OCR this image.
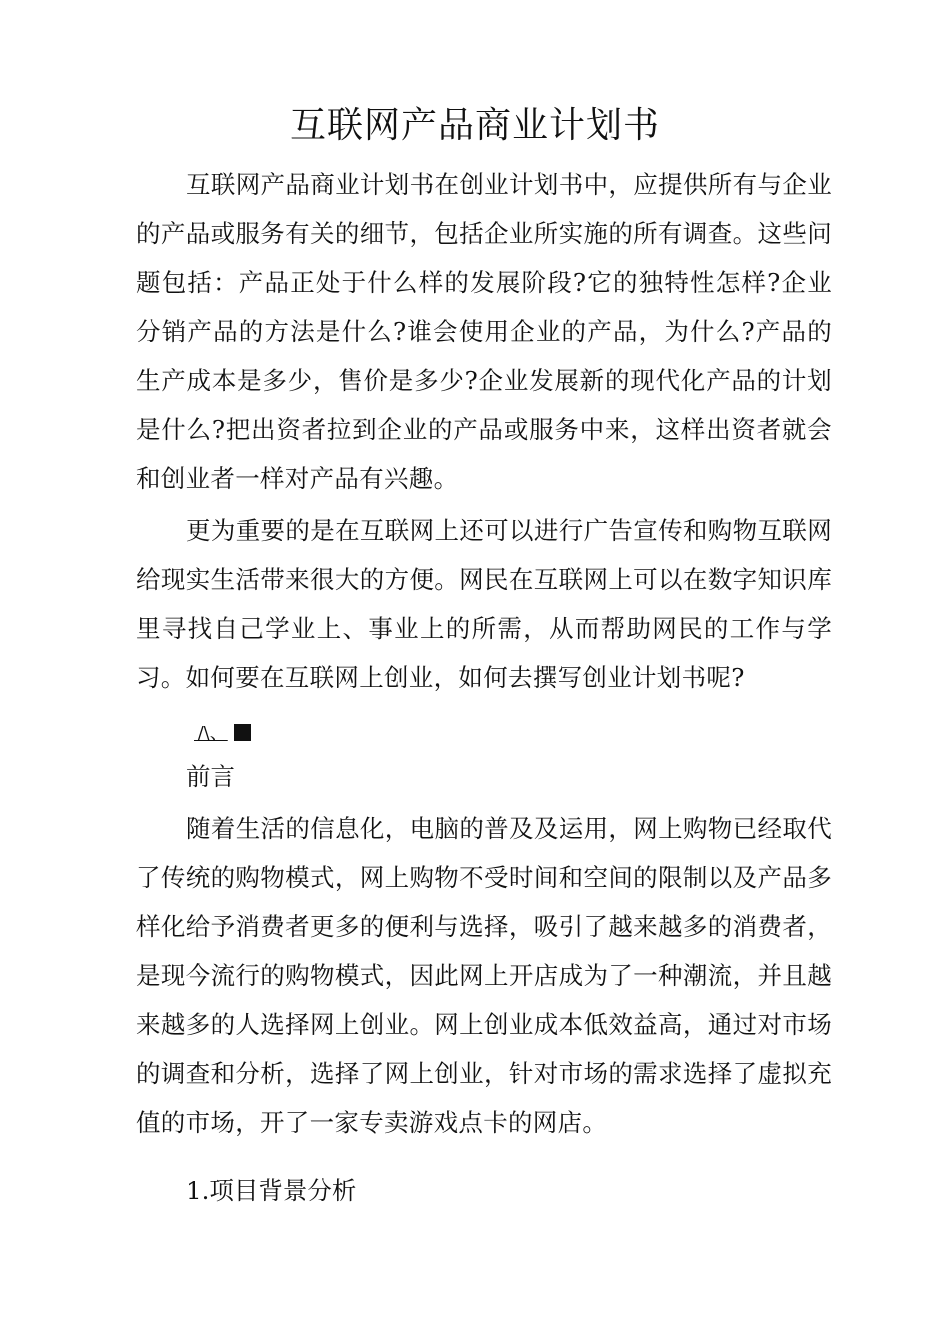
互联网产品商业计划书

互联网产品商业计划书在创业计划书中，应提供所有与企业的产品或服务有关的细节，包括企业所实施的所有调查。这些问题包括：产品正处于什么样的发展阶段?它的独特性怎样?企业分销产品的方法是什么?谁会使用企业的产品，为什么?产品的生产成本是多少，售价是多少?企业发展新的现代化产品的计划是什么?把出资者拉到企业的产品或服务中来，这样出资者就会和创业者一样对产品有兴趣。

更为重要的是在互联网上还可以进行广告宣传和购物互联网给现实生活带来很大的方便。网民在互联网上可以在数字知识库里寻找自己学业上、事业上的所需，从而帮助网民的工作与学习。如何要在互联网上创业，如何去撰写创业计划书呢?

 /\、
前言

随着生活的信息化，电脑的普及及运用，网上购物已经取代了传统的购物模式，网上购物不受时间和空间的限制以及产品多样化给予消费者更多的便利与选择，吸引了越来越多的消费者，是现今流行的购物模式，因此网上开店成为了一种潮流，并且越来越多的人选择网上创业。网上创业成本低效益高，通过对市场的调查和分析，选择了网上创业，针对市场的需求选择了虚拟充值的市场，开了一家专卖游戏点卡的网店。

1.项目背景分析
